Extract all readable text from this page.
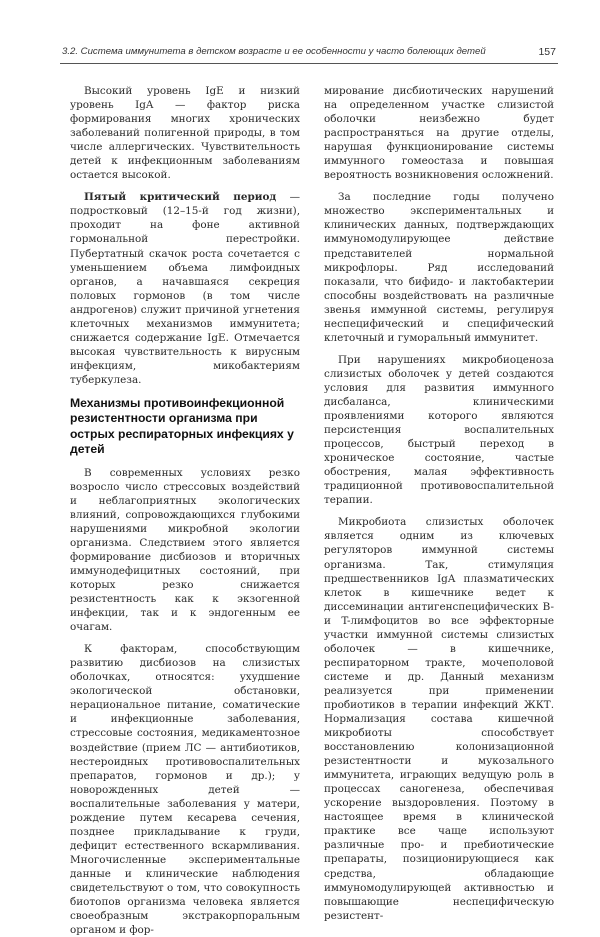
3.2. Система иммунитета в детском возрасте и ее особенности у часто болеющих детей	157

Высокий уровень IgE и низкий уровень IgA — фактор риска формирования многих хронических заболеваний полигенной природы, в том числе аллергических. Чувствительность детей к инфекционным заболеваниям остается высокой.

Пятый критический период — подростковый (12–15-й год жизни), проходит на фоне активной гормональной перестройки. Пубертатный скачок роста сочетается с уменьшением объема лимфоидных органов, а начавшаяся секреция половых гормонов (в том числе андрогенов) служит причиной угнетения клеточных механизмов иммунитета; снижается содержание IgE. Отмечается высокая чувствительность к вирусным инфекциям, микобактериям туберкулеза.

Механизмы противоинфекционной резистентности организма при острых респираторных инфекциях у детей

В современных условиях резко возросло число стрессовых воздействий и неблагоприятных экологических влияний, сопровождающихся глубокими нарушениями микробной экологии организма. Следствием этого является формирование дисбиозов и вторичных иммунодефицитных состояний, при которых резко снижается резистентность как к экзогенной инфекции, так и к эндогенным ее очагам.

К факторам, способствующим развитию дисбиозов на слизистых оболочках, относятся: ухудшение экологической обстановки, нерациональное питание, соматические и инфекционные заболевания, стрессовые состояния, медикаментозное воздействие (прием ЛС — антибиотиков, нестероидных противовоспалительных препаратов, гормонов и др.); у новорожденных детей — воспалительные заболевания у матери, рождение путем кесарева сечения, позднее прикладывание к груди, дефицит естественного вскармливания. Многочисленные экспериментальные данные и клинические наблюдения свидетельствуют о том, что совокупность биотопов организма человека является своеобразным экстракорпоральным органом и фор-

мирование дисбиотических нарушений на определенном участке слизистой оболочки неизбежно будет распространяться на другие отделы, нарушая функционирование системы иммунного гомеостаза и повышая вероятность возникновения осложнений.

За последние годы получено множество экспериментальных и клинических данных, подтверждающих иммуномодулирующее действие представителей нормальной микрофлоры. Ряд исследований показали, что бифидо- и лактобактерии способны воздействовать на различные звенья иммунной системы, регулируя неспецифический и специфический клеточный и гуморальный иммунитет.

При нарушениях микробиоценоза слизистых оболочек у детей создаются условия для развития иммунного дисбаланса, клиническими проявлениями которого являются персистенция воспалительных процессов, быстрый переход в хроническое состояние, частые обострения, малая эффективность традиционной противовоспалительной терапии.

Микробиота слизистых оболочек является одним из ключевых регуляторов иммунной системы организма. Так, стимуляция предшественников IgA плазматических клеток в кишечнике ведет к диссеминации антигенспецифических B- и T-лимфоцитов во все эффекторные участки иммунной системы слизистых оболочек — в кишечнике, респираторном тракте, мочеполовой системе и др. Данный механизм реализуется при применении пробиотиков в терапии инфекций ЖКТ. Нормализация состава кишечной микробиоты способствует восстановлению колонизационной резистентности и мукозального иммунитета, играющих ведущую роль в процессах саногенеза, обеспечивая ускорение выздоровления. Поэтому в настоящее время в клинической практике все чаще используют различные про- и пребиотические препараты, позиционирующиеся как средства, обладающие иммуномодулирующей активностью и повышающие неспецифическую резистент-
